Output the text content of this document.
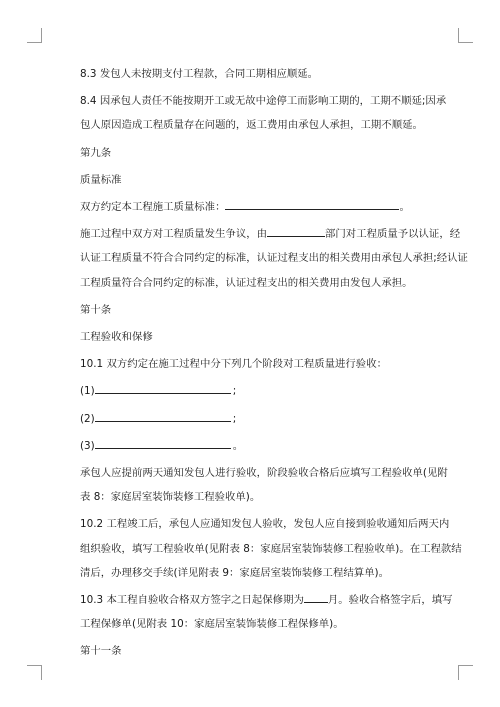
8.3 发包人未按期支付工程款，合同工期相应顺延。

8.4 因承包人责任不能按期开工或无故中途停工而影响工期的，工期不顺延;因承
包人原因造成工程质量存在问题的，返工费用由承包人承担，工期不顺延。

第九条

质量标准

双方约定本工程施工质量标准：	。

施工过程中双方对工程质量发生争议，由	部门对工程质量予以认证，经
认证工程质量不符合合同约定的标准，认证过程支出的相关费用由承包人承担;经认证
工程质量符合合同约定的标准，认证过程支出的相关费用由发包人承担。

第十条

工程验收和保修

10.1 双方约定在施工过程中分下列几个阶段对工程质量进行验收：

(1)	;

(2)	;

(3)	。

承包人应提前两天通知发包人进行验收，阶段验收合格后应填写工程验收单(见附
表 8：家庭居室装饰装修工程验收单)。

10.2 工程竣工后，承包人应通知发包人验收，发包人应自接到验收通知后两天内
组织验收，填写工程验收单(见附表 8：家庭居室装饰装修工程验收单)。在工程款结
清后，办理移交手续(详见附表 9：家庭居室装饰装修工程结算单)。

10.3 本工程自验收合格双方签字之日起保修期为 月。验收合格签字后，填写
工程保修单(见附表 10：家庭居室装饰装修工程保修单)。

第十一条
